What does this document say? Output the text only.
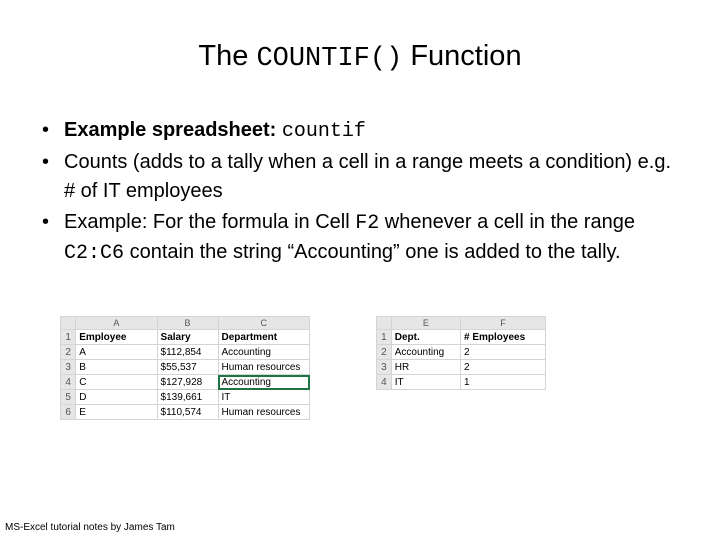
The COUNTIF() Function
• Example spreadsheet: countif
• Counts (adds to a tally when a cell in a range meets a condition) e.g. # of IT employees
• Example: For the formula in Cell F2 whenever a cell in the range C2:C6 contain the string “Accounting” one is added to the tally.
	A	B	C
1	Employee	Salary	Department
2	A	$112,854	Accounting
3	B	$55,537	Human resources
4	C	$127,928	Accounting
5	D	$139,661	IT
6	E	$110,574	Human resources
	E	F
1	Dept.	# Employees
2	Accounting	2
3	HR	2
4	IT	1
MS-Excel tutorial notes by James Tam
